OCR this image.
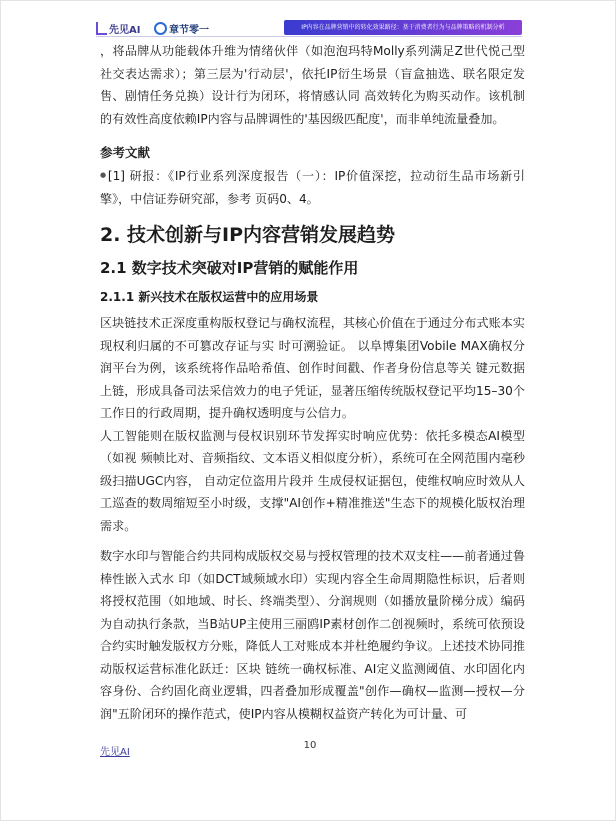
先见AI	章节零一	IP内容在品牌营销中的转化效果路径：基于消费者行为与品牌策略的机制分析

，将品牌从功能载体升维为情绪伙伴（如泡泡玛特Molly系列满足Z世代悦己型社交表达需求）；第三层为'行动层'，依托IP衍生场景（盲盒抽选、联名限定发售、剧情任务兑换）设计行为闭环，将情感认同 高效转化为购买动作。该机制的有效性高度依赖IP内容与品牌调性的'基因级匹配度'，而非单纯流量叠加。

参考文献

●[1] 研报：《IP行业系列深度报告（一）：IP价值深挖，拉动衍生品市场新引擎》，中信证券研究部，参考 页码0、4。

2. 技术创新与IP内容营销发展趋势
2.1 数字技术突破对IP营销的赋能作用
2.1.1 新兴技术在版权运营中的应用场景

区块链技术正深度重构版权登记与确权流程，其核心价值在于通过分布式账本实现权利归属的不可篡改存证与实 时可溯验证。 以阜博集团Vobile MAX确权分润平台为例，该系统将作品哈希值、创作时间戳、作者身份信息等关 键元数据上链，形成具备司法采信效力的电子凭证，显著压缩传统版权登记平均15–30个工作日的行政周期，提升确权透明度与公信力。

人工智能则在版权监测与侵权识别环节发挥实时响应优势：依托多模态AI模型（如视 频帧比对、音频指纹、文本语义相似度分析），系统可在全网范围内毫秒级扫描UGC内容， 自动定位盗用片段并 生成侵权证据包，使维权响应时效从人工巡查的数周缩短至小时级，支撑"AI创作+精准推送"生态下的规模化版权治理需求。

数字水印与智能合约共同构成版权交易与授权管理的技术双支柱——前者通过鲁棒性嵌入式水 印（如DCT域频域水印）实现内容全生命周期隐性标识，后者则将授权范围（如地域、时长、终端类型）、分润规则（如播放量阶梯分成）编码为自动执行条款，当B站UP主使用三丽鸥IP素材创作二创视频时，系统可依预设合约实时触发版权方分账，降低人工对账成本并杜绝履约争议。上述技术协同推动版权运营标准化跃迁：区块 链统一确权标准、AI定义监测阈值、水印固化内容身份、合约固化商业逻辑，四者叠加形成覆盖"创作—确权—监测—授权—分润"五阶闭环的操作范式，使IP内容从模糊权益资产转化为可计量、可

先见AI
10
